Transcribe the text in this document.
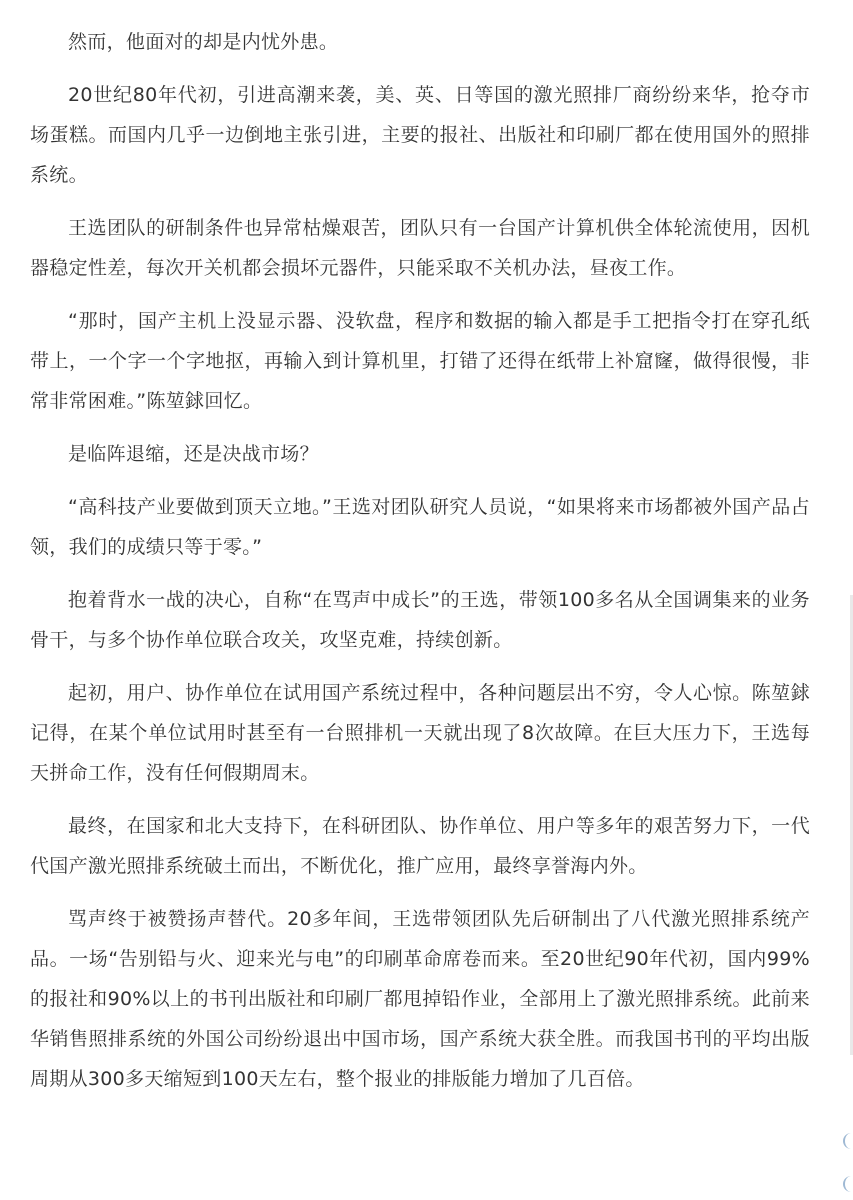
然而，他面对的却是内忧外患。

20世纪80年代初，引进高潮来袭，美、英、日等国的激光照排厂商纷纷来华，抢夺市场蛋糕。而国内几乎一边倒地主张引进，主要的报社、出版社和印刷厂都在使用国外的照排系统。

王选团队的研制条件也异常枯燥艰苦，团队只有一台国产计算机供全体轮流使用，因机器稳定性差，每次开关机都会损坏元器件，只能采取不关机办法，昼夜工作。

“那时，国产主机上没显示器、没软盘，程序和数据的输入都是手工把指令打在穿孔纸带上，一个字一个字地抠，再输入到计算机里，打错了还得在纸带上补窟窿，做得很慢，非常非常困难。”陈堃銶回忆。

是临阵退缩，还是决战市场？

“高科技产业要做到顶天立地。”王选对团队研究人员说，“如果将来市场都被外国产品占领，我们的成绩只等于零。”

抱着背水一战的决心，自称“在骂声中成长”的王选，带领100多名从全国调集来的业务骨干，与多个协作单位联合攻关，攻坚克难，持续创新。

起初，用户、协作单位在试用国产系统过程中，各种问题层出不穷，令人心惊。陈堃銶记得，在某个单位试用时甚至有一台照排机一天就出现了8次故障。在巨大压力下，王选每天拼命工作，没有任何假期周末。

最终，在国家和北大支持下，在科研团队、协作单位、用户等多年的艰苦努力下，一代代国产激光照排系统破土而出，不断优化，推广应用，最终享誉海内外。

骂声终于被赞扬声替代。20多年间，王选带领团队先后研制出了八代激光照排系统产品。一场“告别铅与火、迎来光与电”的印刷革命席卷而来。至20世纪90年代初，国内99%的报社和90%以上的书刊出版社和印刷厂都甩掉铅作业，全部用上了激光照排系统。此前来华销售照排系统的外国公司纷纷退出中国市场，国产系统大获全胜。而我国书刊的平均出版周期从300多天缩短到100天左右，整个报业的排版能力增加了几百倍。
